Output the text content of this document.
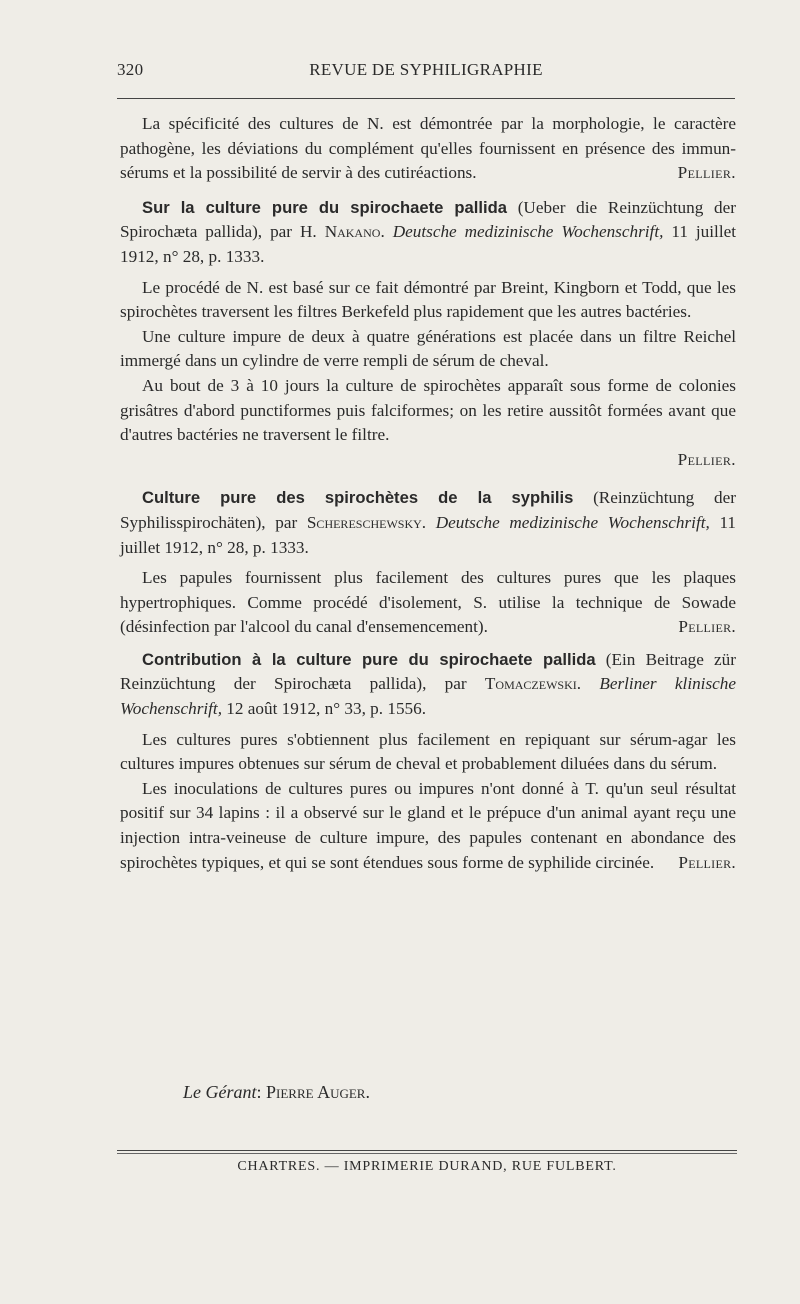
320	REVUE DE SYPHILIGRAPHIE

La spécificité des cultures de N. est démontrée par la morphologie, le caractère pathogène, les déviations du complément qu'elles fournissent en présence des immun-sérums et la possibilité de servir à des cutiréactions.	Pellier.

Sur la culture pure du spirochaete pallida (Ueber die Reinzüchtung der Spirochæta pallida), par H. Nakano. Deutsche medizinische Wochenschrift, 11 juillet 1912, n° 28, p. 1333.

Le procédé de N. est basé sur ce fait démontré par Breint, Kingborn et Todd, que les spirochètes traversent les filtres Berkefeld plus rapidement que les autres bactéries.

Une culture impure de deux à quatre générations est placée dans un filtre Reichel immergé dans un cylindre de verre rempli de sérum de cheval.

Au bout de 3 à 10 jours la culture de spirochètes apparaît sous forme de colonies grisâtres d'abord punctiformes puis falciformes; on les retire aussitôt formées avant que d'autres bactéries ne traversent le filtre.

Pellier.

Culture pure des spirochètes de la syphilis (Reinzüchtung der Syphilisspirochäten), par Schereschewsky. Deutsche medizinische Wochenschrift, 11 juillet 1912, n° 28, p. 1333.

Les papules fournissent plus facilement des cultures pures que les plaques hypertrophiques. Comme procédé d'isolement, S. utilise la technique de Sowade (désinfection par l'alcool du canal d'ensemencement).	Pellier.

Contribution à la culture pure du spirochaete pallida (Ein Beitrage zür Reinzüchtung der Spirochæta pallida), par Tomaczewski. Berliner klinische Wochenschrift, 12 août 1912, n° 33, p. 1556.

Les cultures pures s'obtiennent plus facilement en repiquant sur sérum-agar les cultures impures obtenues sur sérum de cheval et probablement diluées dans du sérum.

Les inoculations de cultures pures ou impures n'ont donné à T. qu'un seul résultat positif sur 34 lapins : il a observé sur le gland et le prépuce d'un animal ayant reçu une injection intra-veineuse de culture impure, des papules contenant en abondance des spirochètes typiques, et qui se sont étendues sous forme de syphilide circinée.	Pellier.

Le Gérant: Pierre Auger.
CHARTRES. — IMPRIMERIE DURAND, RUE FULBERT.
